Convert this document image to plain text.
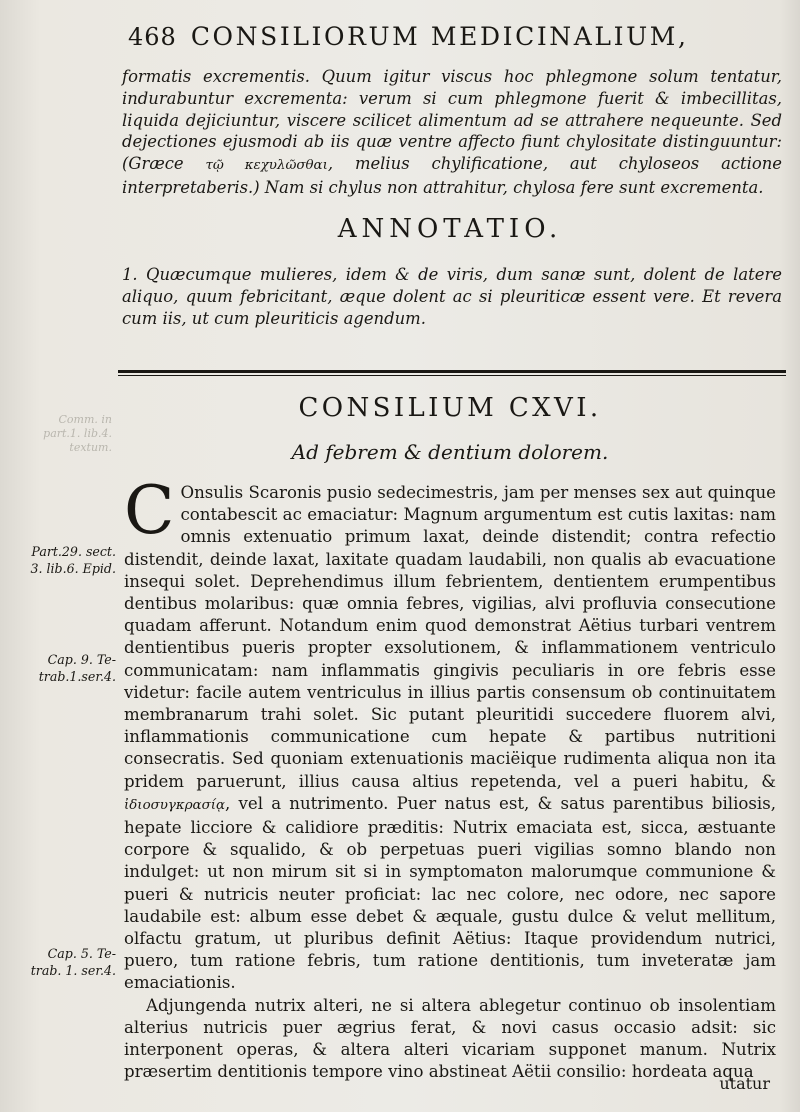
468 CONSILIORUM MEDICINALIUM,

formatis excrementis. Quum igitur viscus hoc phlegmone solum tentatur, indurabuntur excrementa: verum si cum phlegmone fuerit & imbecillitas, liquida dejiciuntur, viscere scilicet alimentum ad se attrahere nequeunte. Sed dejectiones ejusmodi ab iis quæ ventre affecto fiunt chylositate distinguuntur: (Græce τῷ κεχυλῶσθαι, melius chylificatione, aut chyloseos actione interpretaberis.) Nam si chylus non attrahitur, chylosa fere sunt excrementa.

ANNOTATIO.

1. Quæcumque mulieres, idem & de viris, dum sanæ sunt, dolent de latere aliquo, quum febricitant, æque dolent ac si pleuriticæ essent vere. Et revera cum iis, ut cum pleuriticis agendum.

CONSILIUM CXVI.
Ad febrem & dentium dolorem.
Comm. in part.1. lib.4. textum.

C Onsulis Scaronis pusio sedecimestris, jam per menses sex aut quinque contabescit ac emaciatur: Magnum argumentum est cutis laxitas: nam omnis extenuatio primum laxat, deinde distendit; contra refectio distendit, deinde laxat, laxitate quadam laudabili, non qualis ab evacuatione insequi solet. Deprehendimus illum febrientem, dentientem erumpentibus dentibus molaribus: quæ omnia febres, vigilias, alvi profluvia consecutione quadam afferunt. Notandum enim quod demonstrat Aëtius turbari ventrem dentientibus pueris propter exsolutionem, & inflammationem ventriculo communicatam: nam inflammatis gingivis peculiaris in ore febris esse videtur: facile autem ventriculus in illius partis consensum ob continuitatem membranarum trahi solet. Sic putant pleuritidi succedere fluorem alvi, inflammationis communicatione cum hepate & partibus nutritioni consecratis. Sed quoniam extenuationis maciëique rudimenta aliqua non ita pridem paruerunt, illius causa altius repetenda, vel a pueri habitu, & ἰδιοσυγκρασίᾳ, vel a nutrimento. Puer natus est, & satus parentibus biliosis, hepate licciore & calidiore præditis: Nutrix emaciata est, sicca, æstuante corpore & squalido, & ob perpetuas pueri vigilias somno blando non indulget: ut non mirum sit si in symptomaton malorumque communione & pueri & nutricis neuter proficiat: lac nec colore, nec odore, nec sapore laudabile est: album esse debet & æquale, gustu dulce & velut mellitum, olfactu gratum, ut pluribus definit Aëtius: Itaque providendum nutrici, puero, tum ratione febris, tum ratione dentitionis, tum inveteratæ jam emaciationis.

Adjungenda nutrix alteri, ne si altera ablegetur continuo ob insolentiam alterius nutricis puer ægrius ferat, & novi casus occasio adsit: sic interponent operas, & altera alteri vicariam supponet manum. Nutrix præsertim dentitionis tempore vino abstineat Aëtii consilio: hordeata aqua

Part.29. sect.
3. lib.6. Epid.
Cap. 9. Te-
trab.1.ser.4.
Cap. 5. Te-
trab. 1. ser.4.
utatur
